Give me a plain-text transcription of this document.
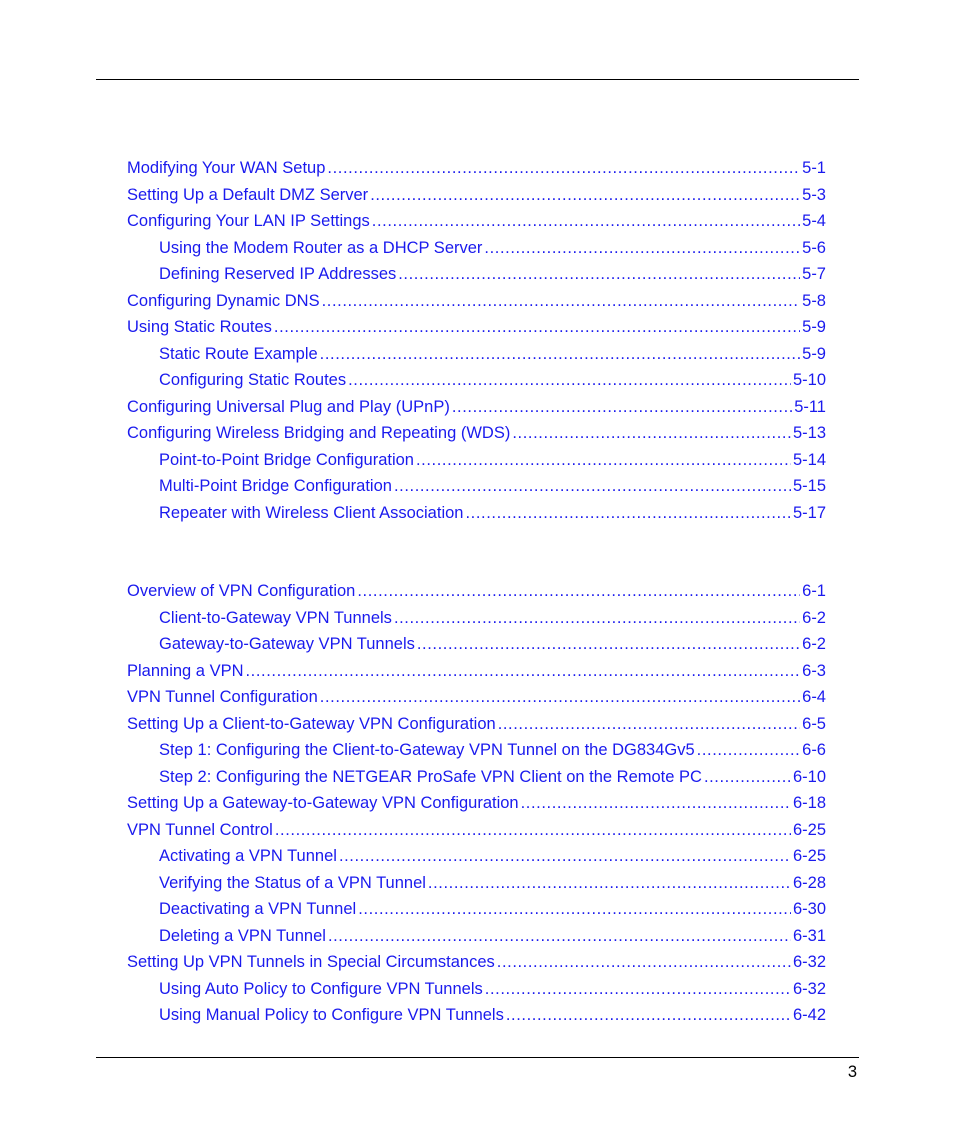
Modifying Your WAN Setup .....	5-1
Setting Up a Default DMZ Server .....	5-3
Configuring Your LAN IP Settings .....	5-4
Using the Modem Router as a DHCP Server .....	5-6
Defining Reserved IP Addresses .....	5-7
Configuring Dynamic DNS .....	5-8
Using Static Routes .....	5-9
Static Route Example .....	5-9
Configuring Static Routes .....	5-10
Configuring Universal Plug and Play (UPnP) .....	5-11
Configuring Wireless Bridging and Repeating (WDS) .....	5-13
Point-to-Point Bridge Configuration .....	5-14
Multi-Point Bridge Configuration .....	5-15
Repeater with Wireless Client Association .....	5-17
Overview of VPN Configuration .....	6-1
Client-to-Gateway VPN Tunnels .....	6-2
Gateway-to-Gateway VPN Tunnels .....	6-2
Planning a VPN .....	6-3
VPN Tunnel Configuration .....	6-4
Setting Up a Client-to-Gateway VPN Configuration .....	6-5
Step 1: Configuring the Client-to-Gateway VPN Tunnel on the DG834Gv5 .....	6-6
Step 2: Configuring the NETGEAR ProSafe VPN Client on the Remote PC .....	6-10
Setting Up a Gateway-to-Gateway VPN Configuration .....	6-18
VPN Tunnel Control .....	6-25
Activating a VPN Tunnel .....	6-25
Verifying the Status of a VPN Tunnel .....	6-28
Deactivating a VPN Tunnel .....	6-30
Deleting a VPN Tunnel .....	6-31
Setting Up VPN Tunnels in Special Circumstances .....	6-32
Using Auto Policy to Configure VPN Tunnels .....	6-32
Using Manual Policy to Configure VPN Tunnels .....	6-42
3
